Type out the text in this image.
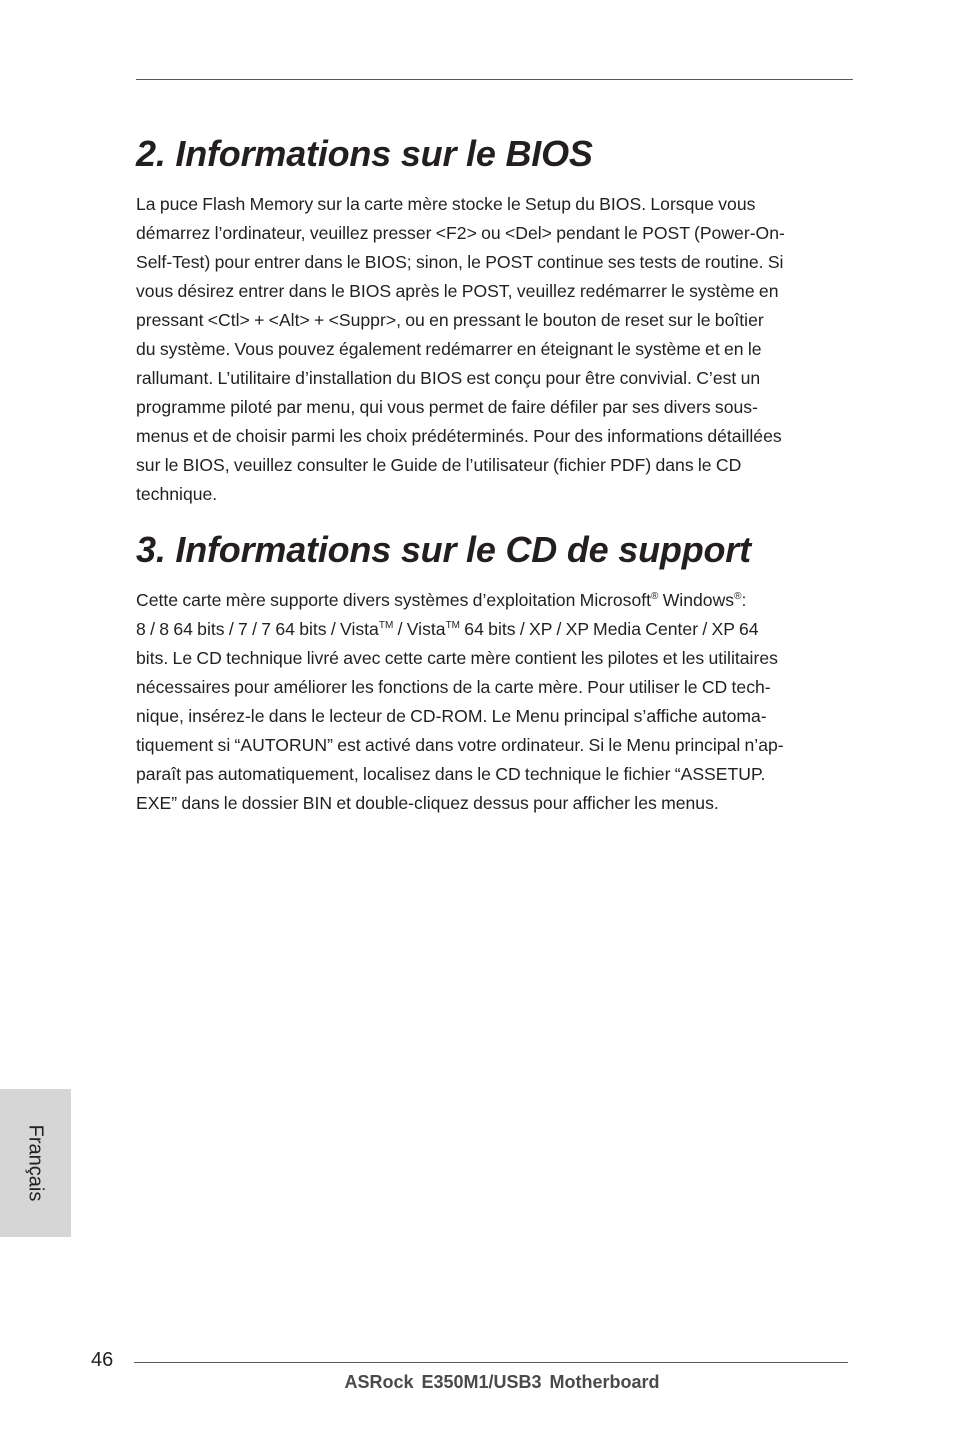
2. Informations sur le BIOS

La puce Flash Memory sur la carte mère stocke le Setup du BIOS. Lorsque vous
démarrez l’ordinateur, veuillez presser <F2> ou <Del> pendant le POST (Power-On-
Self-Test) pour entrer dans le BIOS; sinon, le POST continue ses tests de routine. Si
vous désirez entrer dans le BIOS après le POST, veuillez redémarrer le système en
pressant <Ctl> + <Alt> + <Suppr>, ou en pressant le bouton de reset sur le boîtier
du système. Vous pouvez également redémarrer en éteignant le système et en le
rallumant. L’utilitaire d’installation du BIOS est conçu pour être convivial. C’est un
programme piloté par menu, qui vous permet de faire défiler par ses divers sous-
menus et de choisir parmi les choix prédéterminés. Pour des informations détaillées
sur le BIOS, veuillez consulter le Guide de l’utilisateur (fichier PDF) dans le CD
technique.

3. Informations sur le CD de support

Cette carte mère supporte divers systèmes d’exploitation Microsoft® Windows®:
8 / 8 64 bits / 7 / 7 64 bits / Vista™ / Vista™ 64 bits / XP / XP Media Center / XP 64
bits. Le CD technique livré avec cette carte mère contient les pilotes et les utilitaires
nécessaires pour améliorer les fonctions de la carte mère. Pour utiliser le CD tech-
nique, insérez-le dans le lecteur de CD-ROM. Le Menu principal s’affiche automa-
tiquement si “AUTORUN” est activé dans votre ordinateur. Si le Menu principal n’ap-
paraît pas automatiquement, localisez dans le CD technique le fichier “ASSETUP.
EXE” dans le dossier BIN et double-cliquez dessus pour afficher les menus.

Français
46
ASRock E350M1/USB3 Motherboard
